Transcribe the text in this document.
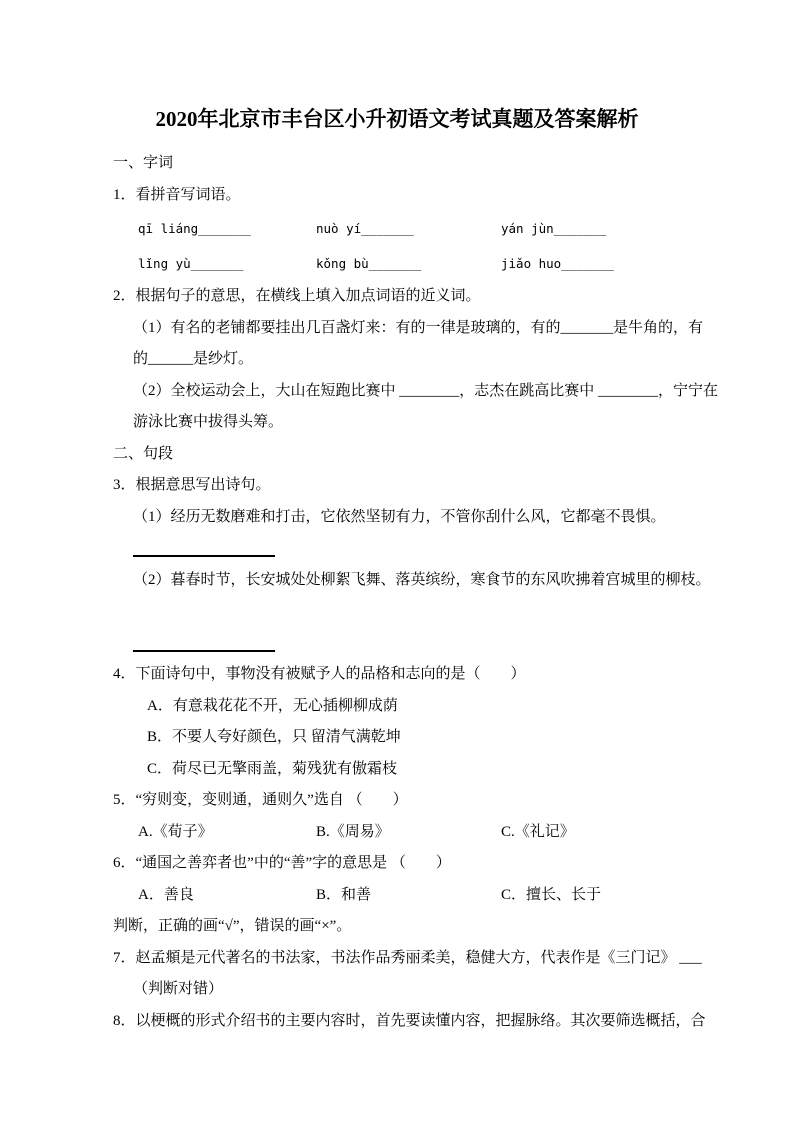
2020年北京市丰台区小升初语文考试真题及答案解析
一、字词
1．看拼音写词语。
qī liáng_______	nuò yí_______	yán jùn_______
lǐng yù_______	kǒng bù_______	jiǎo huo_______
2．根据句子的意思，在横线上填入加点词语的近义词。
（1）有名的老铺都要挂出几百盏灯来：有的一律是玻璃的，有的_______是牛角的，有
的______是纱灯。
（2）全校运动会上，大山在短跑比赛中 ________，志杰在跳高比赛中 ________，宁宁在
游泳比赛中拔得头筹。
二、句段
3．根据意思写出诗句。
（1）经历无数磨难和打击，它依然坚韧有力，不管你刮什么风，它都毫不畏惧。
（2）暮春时节，长安城处处柳絮飞舞、落英缤纷，寒食节的东风吹拂着宫城里的柳枝。
4．下面诗句中，事物没有被赋予人的品格和志向的是（　　）
A．有意栽花花不开，无心插柳柳成荫
B．不要人夸好颜色，只 留清气满乾坤
C．荷尽已无擎雨盖，菊残犹有傲霜枝
5．“穷则变，变则通，通则久”选自 （　　）
A.《荀子》	B.《周易》	C.《礼记》
6．“通国之善弈者也”中的“善”字的意思是 （　　）
A．善良	B．和善	C．擅长、长于
判断，正确的画“√”，错误的画“×”。
7．赵孟頫是元代著名的书法家，书法作品秀丽柔美，稳健大方，代表作是《三门记》 ___
（判断对错）
8．以梗概的形式介绍书的主要内容时，首先要读懂内容，把握脉络。其次要筛选概括，合
